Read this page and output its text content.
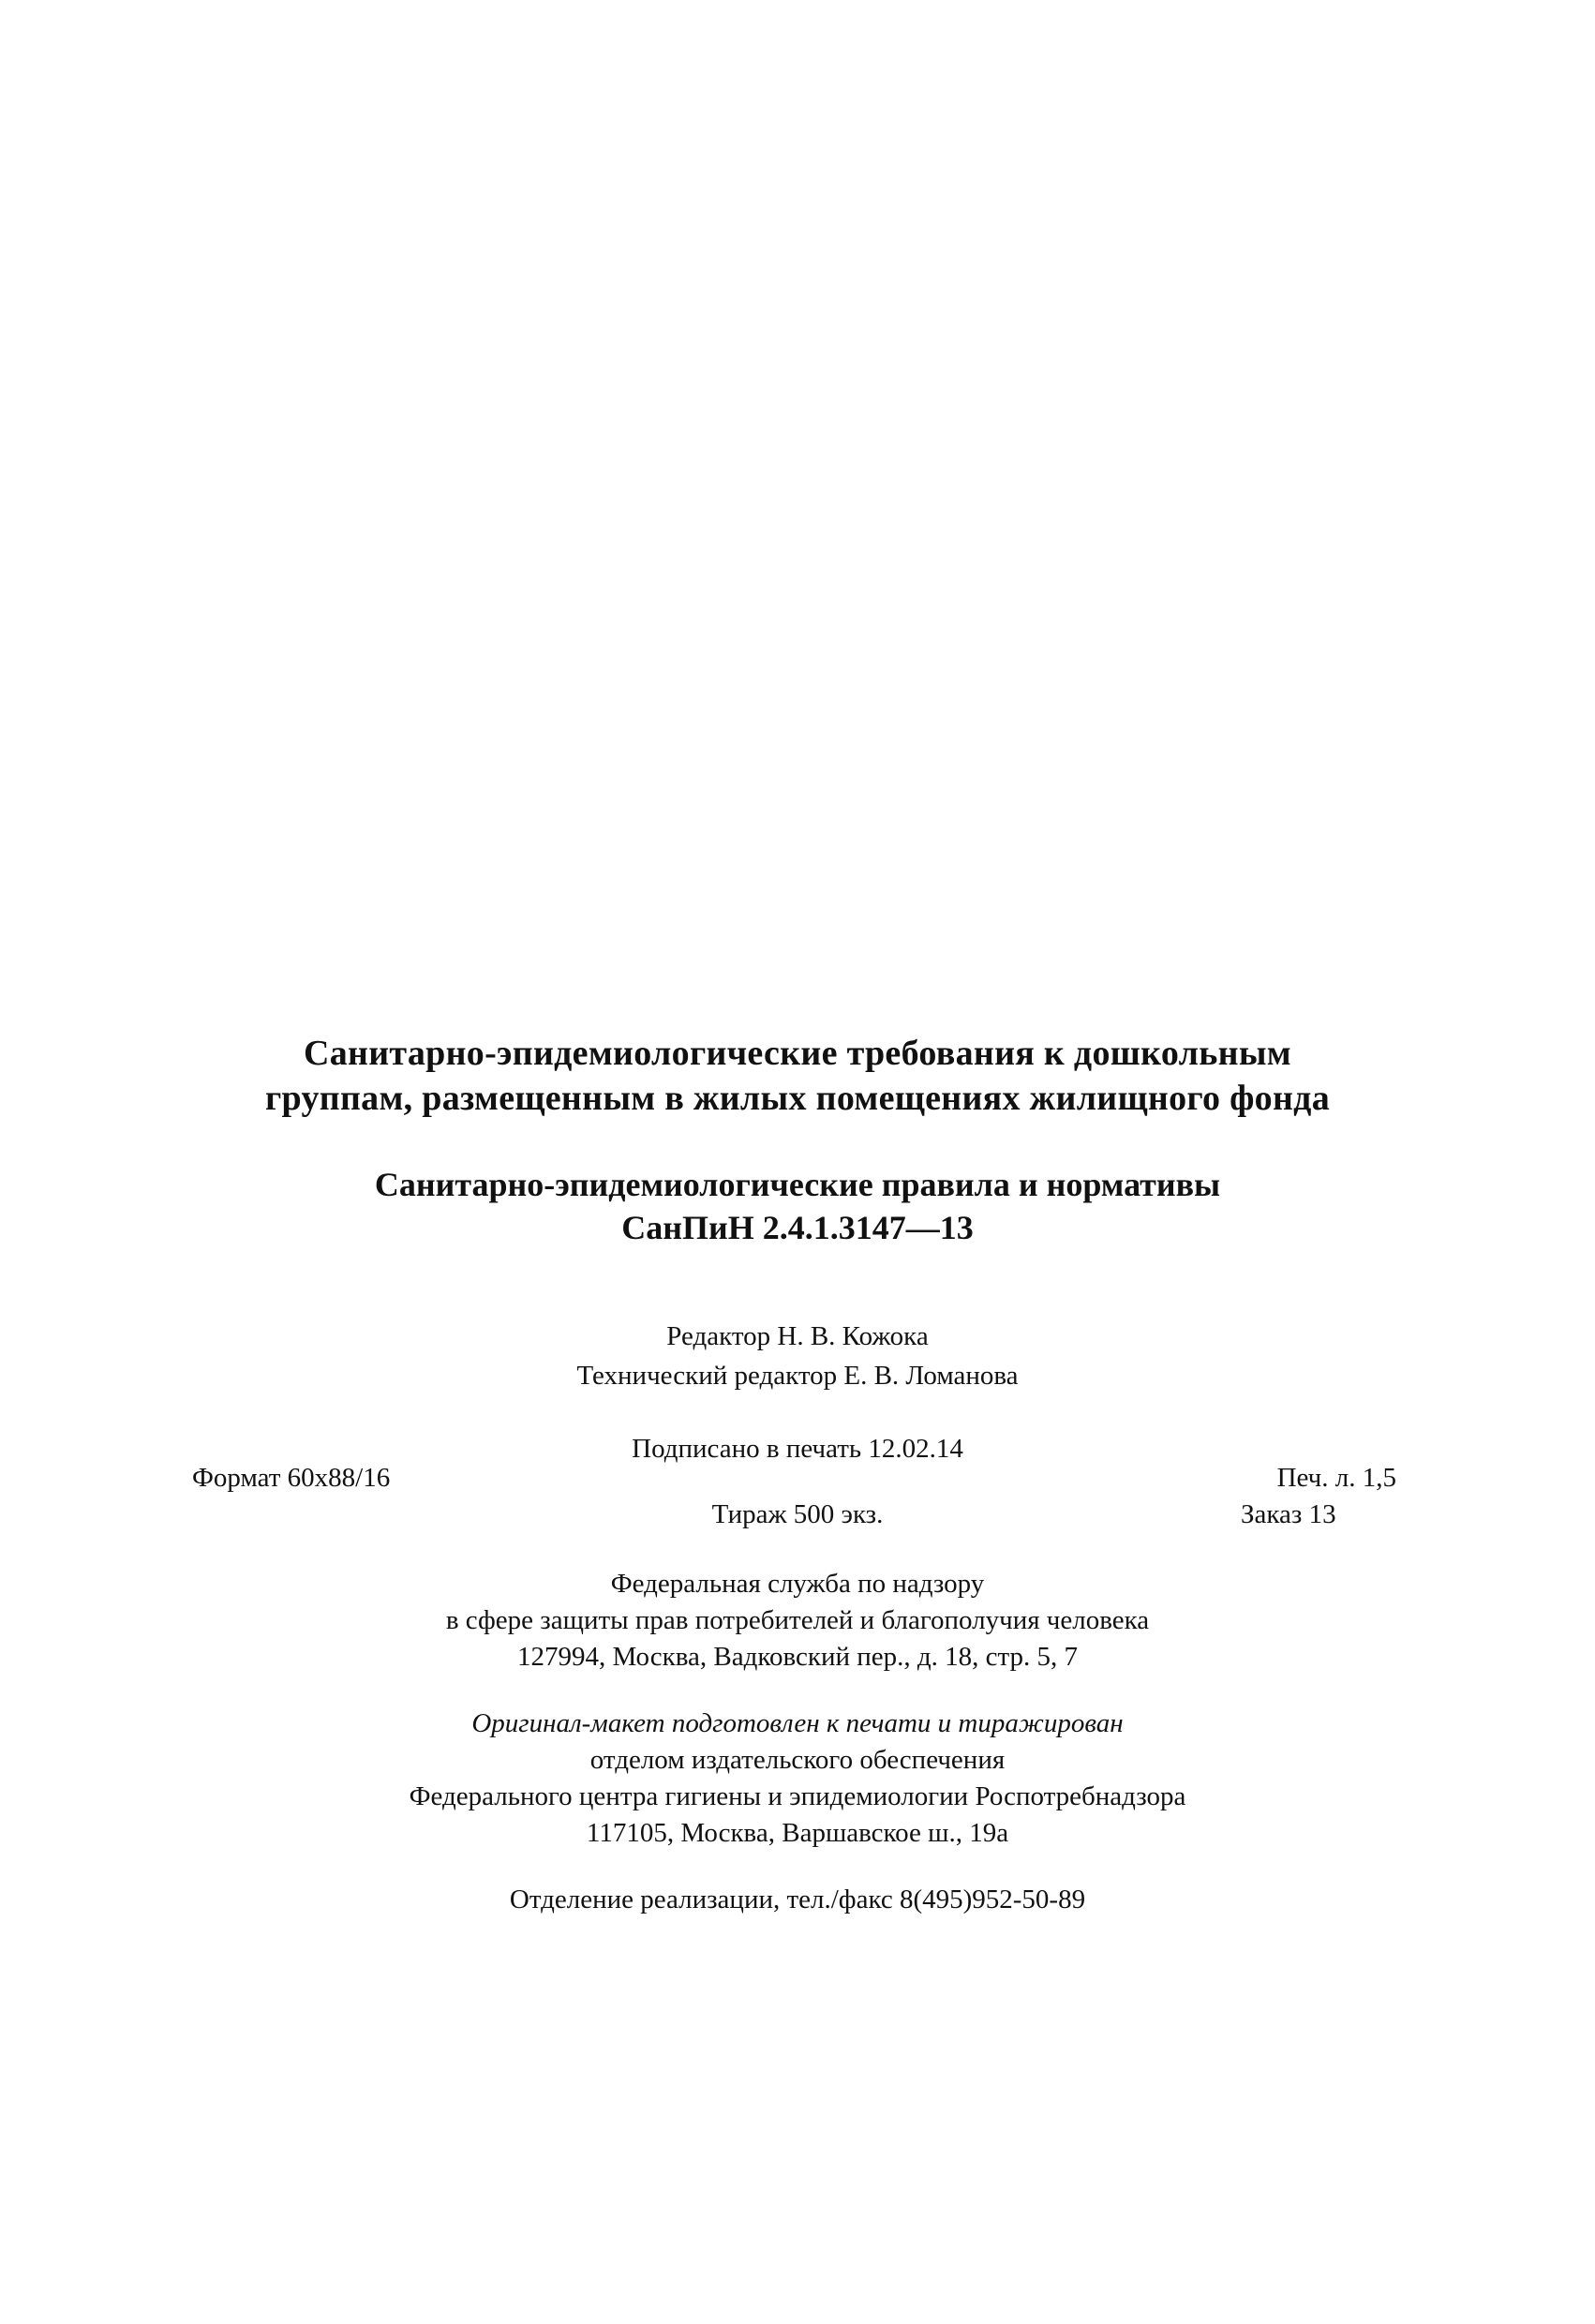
Санитарно-эпидемиологические требования к дошкольным
группам, размещенным в жилых помещениях жилищного фонда
Санитарно-эпидемиологические правила и нормативы
СанПиН 2.4.1.3147—13
Редактор Н. В. Кожока
Технический редактор Е. В. Ломанова
Подписано в печать 12.02.14
Формат 60x88/16	Печ. л. 1,5
Тираж 500 экз.	Заказ 13
Федеральная служба по надзору
в сфере защиты прав потребителей и благополучия человека
127994, Москва, Вадковский пер., д. 18, стр. 5, 7
Оригинал-макет подготовлен к печати и тиражирован
отделом издательского обеспечения
Федерального центра гигиены и эпидемиологии Роспотребнадзора
117105, Москва, Варшавское ш., 19а
Отделение реализации, тел./факс 8(495)952-50-89
